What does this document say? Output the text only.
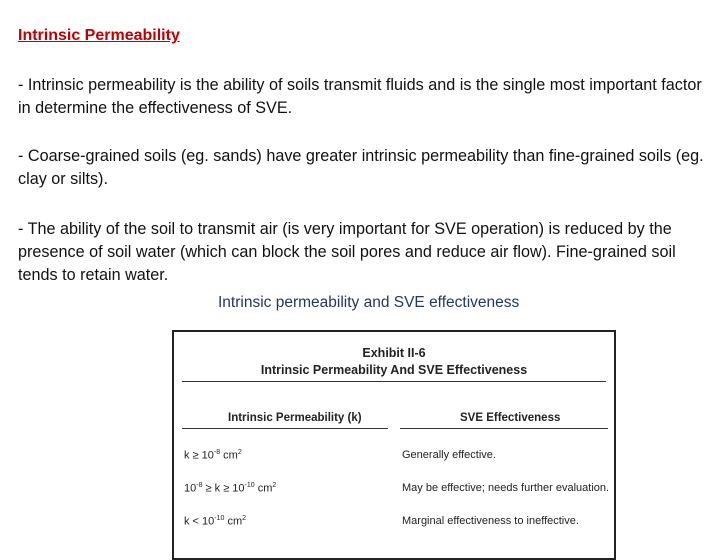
Intrinsic Permeability
- Intrinsic permeability is the ability of soils transmit fluids and is the single most important factor in determine the effectiveness of SVE.
- Coarse-grained soils (eg. sands) have greater intrinsic permeability than fine-grained soils (eg. clay or silts).
- The ability of the soil to transmit air (is very important for SVE operation) is reduced by the presence of soil water (which can block the soil pores and reduce air flow). Fine-grained soil tends to retain water.
Intrinsic permeability and SVE effectiveness
Exhibit II-6
Intrinsic Permeability And SVE Effectiveness
Intrinsic Permeability (k)	SVE Effectiveness
$k \ge 10^{-8}$ $cm^2$	Generally effective.
$10^{-8} \ge k \ge 10^{-10}$ $cm^2$	May be effective; needs further evaluation.
$k < 10^{-10}$ $cm^2$	Marginal effectiveness to ineffective.
